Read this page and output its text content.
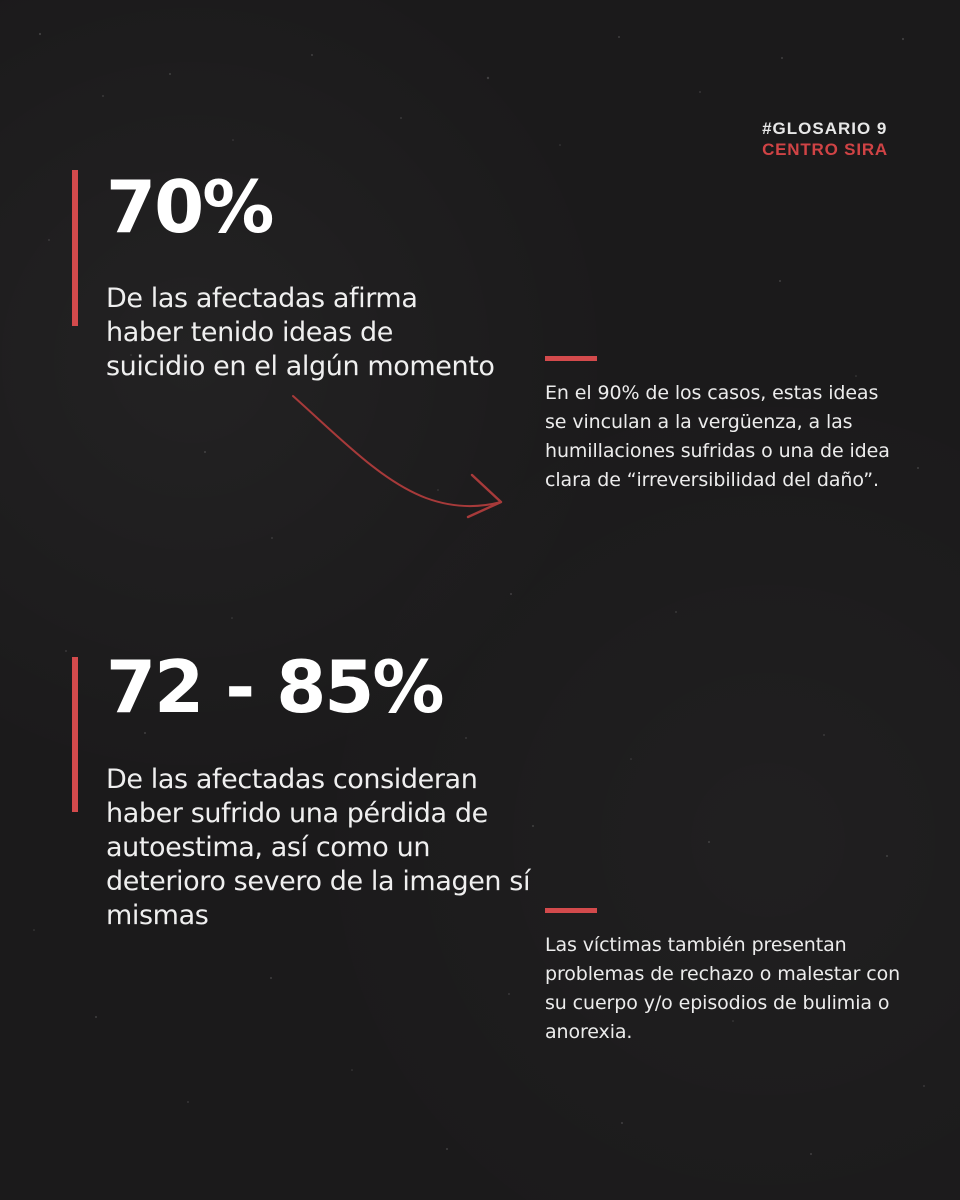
#GLOSARIO 9
CENTRO SIRA
70%

De las afectadas afirma haber tenido ideas de suicidio en el algún momento

En el 90% de los casos, estas ideas se vinculan a la vergüenza, a las humillaciones sufridas o una de idea clara de “irreversibilidad del daño”.

72 - 85%

De las afectadas consideran haber sufrido una pérdida de autoestima, así como un deterioro severo de la imagen sí mismas

Las víctimas también presentan problemas de rechazo o malestar con su cuerpo y/o episodios de bulimia o anorexia.
